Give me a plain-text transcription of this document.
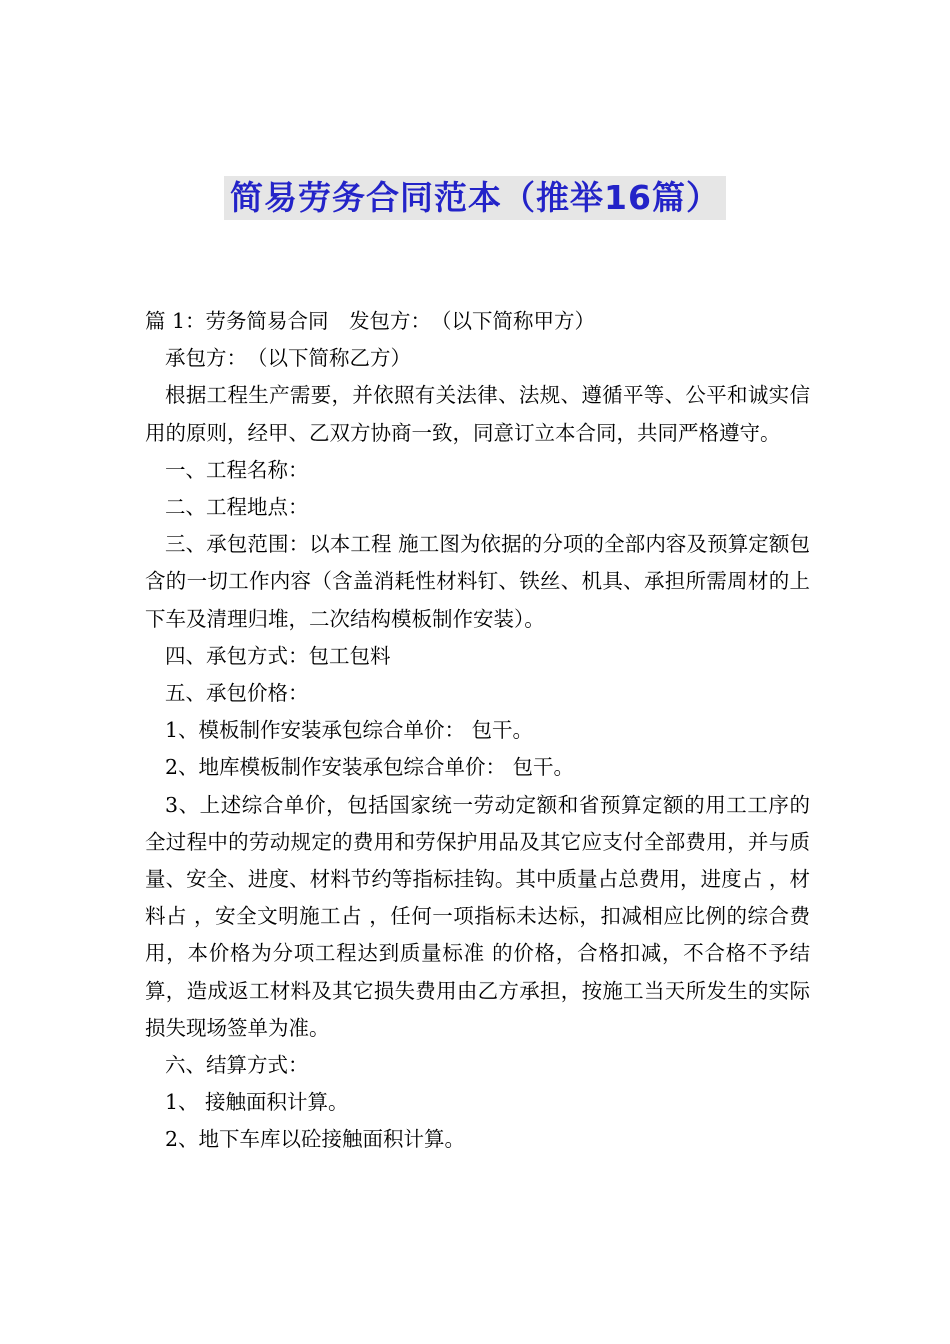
简易劳务合同范本（推举16篇）

篇 1：劳务简易合同　发包方：　（以下简称甲方）

承包方：　（以下简称乙方）

根据工程生产需要，并依照有关法律、法规、遵循平等、公平和诚实信用的原则，经甲、乙双方协商一致，同意订立本合同，共同严格遵守。

一、工程名称：

二、工程地点：

三、承包范围：以本工程 施工图为依据的分项的全部内容及预算定额包含的一切工作内容（含盖消耗性材料钉、铁丝、机具、承担所需周材的上下车及清理归堆，二次结构模板制作安装）。

四、承包方式：包工包料

五、承包价格：

1、模板制作安装承包综合单价： 包干。

2、地库模板制作安装承包综合单价： 包干。

3、上述综合单价，包括国家统一劳动定额和省预算定额的用工工序的全过程中的劳动规定的费用和劳保护用品及其它应支付全部费用，并与质量、安全、进度、材料节约等指标挂钩。其中质量占总费用，进度占 ，材料占 ，安全文明施工占 ，任何一项指标未达标，扣减相应比例的综合费用，本价格为分项工程达到质量标准 的价格，合格扣减，不合格不予结算，造成返工材料及其它损失费用由乙方承担，按施工当天所发生的实际损失现场签单为准。

六、结算方式：

1、 接触面积计算。

2、地下车库以砼接触面积计算。
